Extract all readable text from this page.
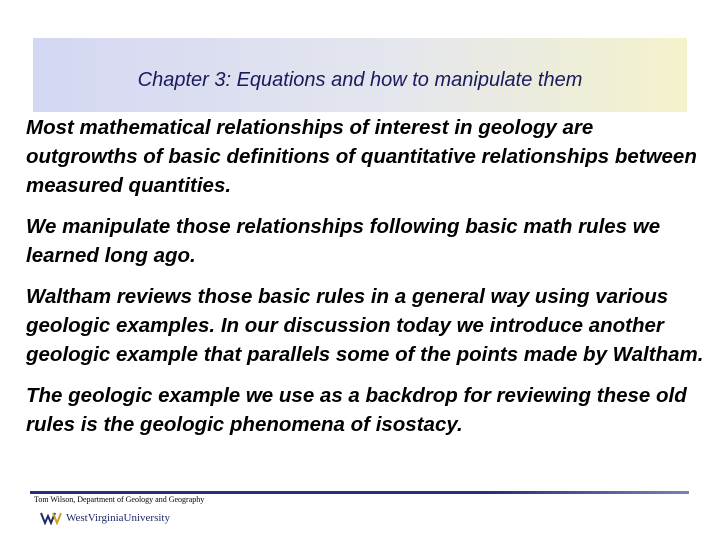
Chapter 3: Equations and how to manipulate them

Most mathematical relationships of interest in geology are outgrowths of basic definitions of quantitative relationships between measured quantities.

We manipulate those relationships following basic math rules we learned long ago.

Waltham reviews those basic rules in a general way using various geologic examples. In our discussion today we introduce another geologic example that parallels some of the points made by Waltham.

The geologic example we use as a backdrop for reviewing these old rules is the geologic phenomena of isostacy.

Tom Wilson, Department of Geology and Geography
WestVirginiaUniversity
